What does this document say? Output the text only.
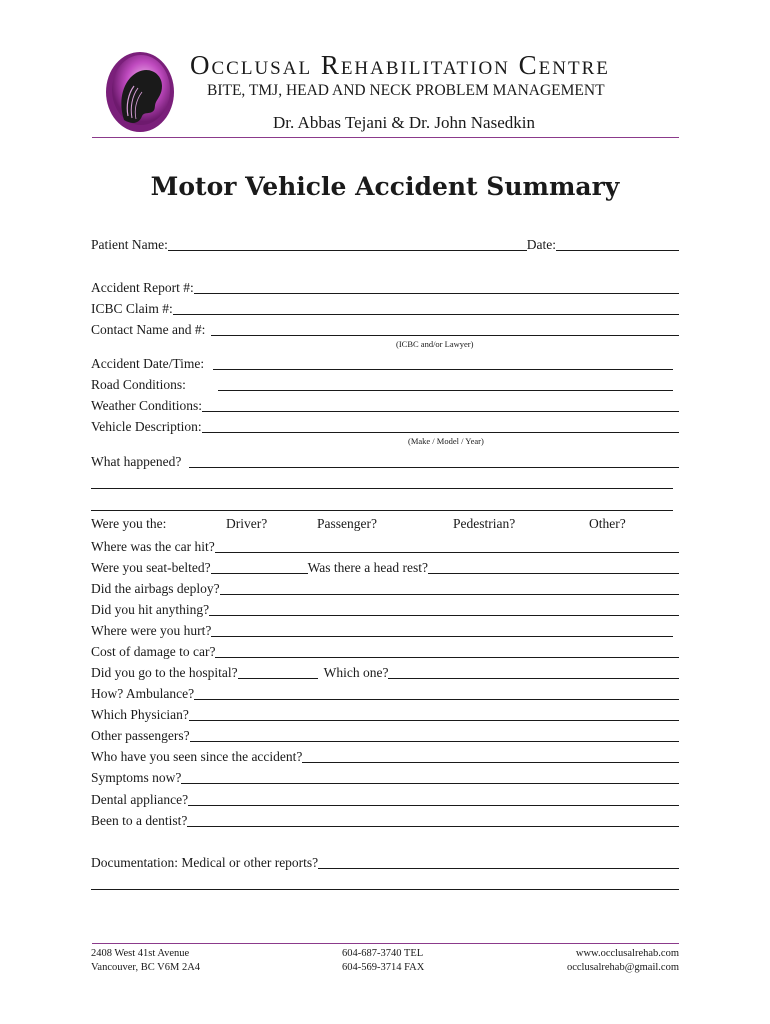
Occlusal Rehabilitation Centre
BITE, TMJ, HEAD AND NECK PROBLEM MANAGEMENT
Dr. Abbas Tejani & Dr. John Nasedkin
Motor Vehicle Accident Summary
Patient Name:	Date:
Accident Report #:
ICBC Claim #:
Contact Name and #:
(ICBC and/or Lawyer)
Accident Date/Time:
Road Conditions:
Weather Conditions:
Vehicle Description:
(Make / Model / Year)
What happened?
Were you the:	Driver?	Passenger?	Pedestrian?	Other?
Where was the car hit?
Were you seat-belted?	Was there a head rest?
Did the airbags deploy?
Did you hit anything?
Where were you hurt?
Cost of damage to car?
Did you go to the hospital?	Which one?
How? Ambulance?
Which Physician?
Other passengers?
Who have you seen since the accident?
Symptoms now?
Dental appliance?
Been to a dentist?
Documentation: Medical or other reports?
2408 West 41st Avenue
Vancouver, BC V6M 2A4
604-687-3740 TEL
604-569-3714 FAX
www.occlusalrehab.com
occlusalrehab@gmail.com
